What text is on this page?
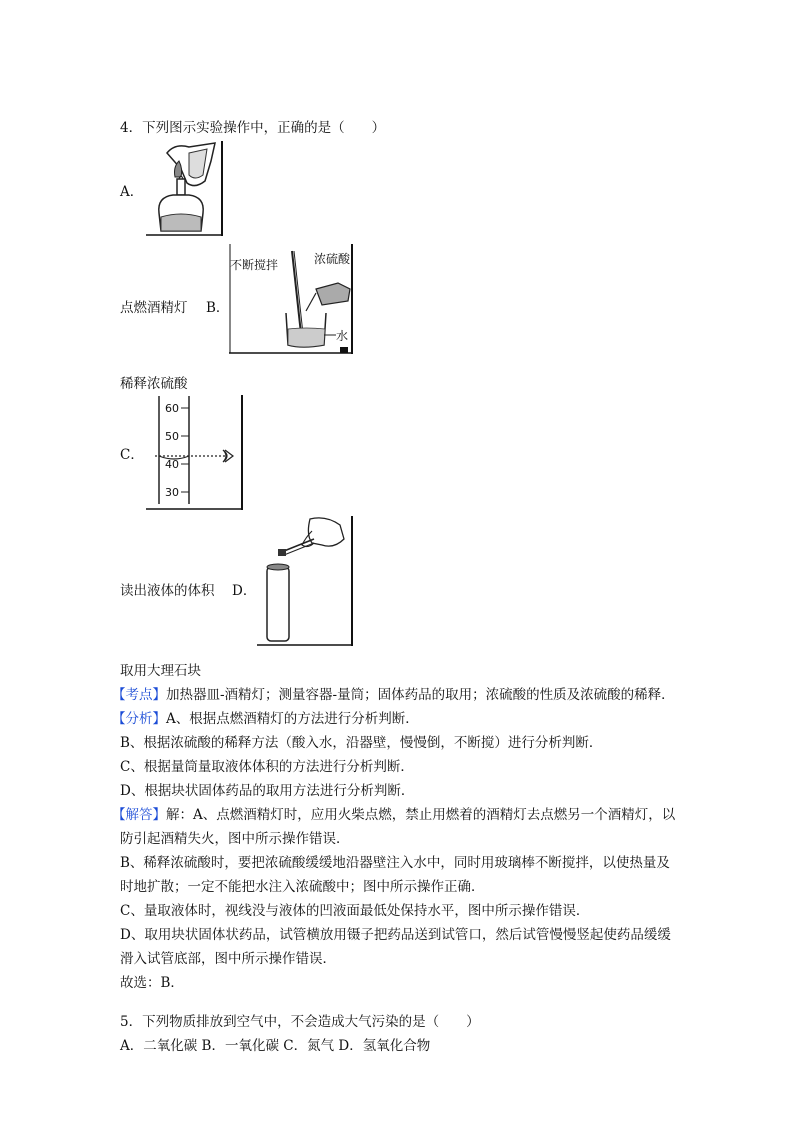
4．下列图示实验操作中，正确的是（　　）
A．
点燃酒精灯 B．
不断搅拌	浓硫酸
水
稀释浓硫酸
C．
60
50
40
30
读出液体的体积 D．
取用大理石块
【考点】加热器皿-酒精灯；测量容器-量筒；固体药品的取用；浓硫酸的性质及浓硫酸的稀释．
【分析】A、根据点燃酒精灯的方法进行分析判断．
B、根据浓硫酸的稀释方法（酸入水，沿器壁，慢慢倒，不断搅）进行分析判断．
C、根据量筒量取液体体积的方法进行分析判断．
D、根据块状固体药品的取用方法进行分析判断．
【解答】解：A、点燃酒精灯时，应用火柴点燃，禁止用燃着的酒精灯去点燃另一个酒精灯，以
防引起酒精失火，图中所示操作错误．
B、稀释浓硫酸时，要把浓硫酸缓缓地沿器壁注入水中，同时用玻璃棒不断搅拌，以使热量及
时地扩散；一定不能把水注入浓硫酸中；图中所示操作正确．
C、量取液体时，视线没与液体的凹液面最低处保持水平，图中所示操作错误．
D、取用块状固体状药品，试管横放用镊子把药品送到试管口，然后试管慢慢竖起使药品缓缓
滑入试管底部，图中所示操作错误．
故选：B．
5．下列物质排放到空气中，不会造成大气污染的是（　　）
A．二氧化碳 B．一氧化碳 C．氮气 D．氢氧化合物
